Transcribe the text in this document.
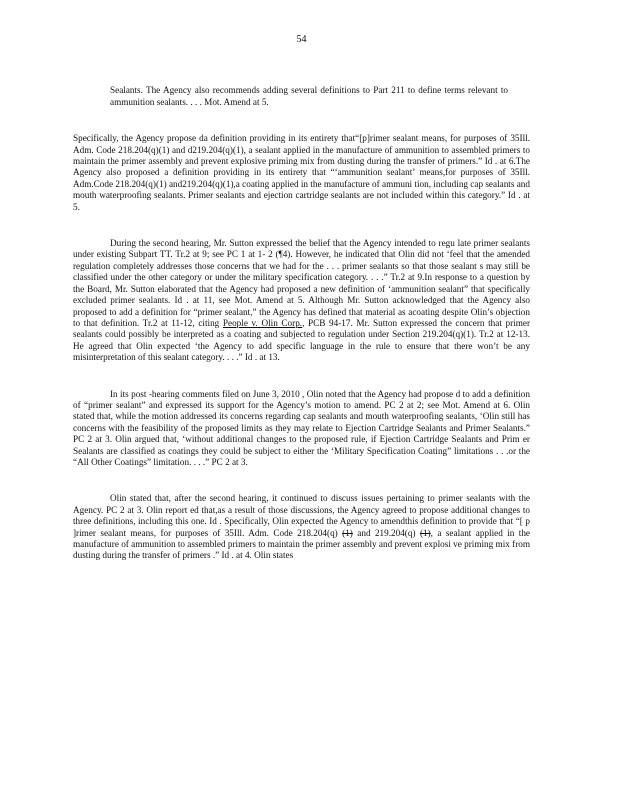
54
Sealants. The Agency also recommends adding several definitions to Part 211 to define terms relevant to ammunition sealants. . . . Mot. Amend at 5.

Specifically, the Agency propose da definition providing in its entirety that“[p]rimer sealant means, for purposes of 35Ill. Adm. Code 218.204(q)(1) and d219.204(q)(1), a sealant applied in the manufacture of ammunition to assembled primers to maintain the primer assembly and prevent explosive priming mix from dusting during the transfer of primers.” Id . at 6.The Agency also proposed a definition providing in its entirety that “‘ammunition sealant’ means,for purposes of 35Ill. Adm.Code 218.204(q)(1) and219.204(q)(1),a coating applied in the manufacture of ammuni tion, including cap sealants and mouth waterproofing sealants. Primer sealants and ejection cartridge sealants are not included within this category.” Id . at 5.

During the second hearing, Mr. Sutton expressed the belief that the Agency intended to regu late primer sealants under existing Subpart TT. Tr.2 at 9; see PC 1 at 1- 2 (¶4). However, he indicated that Olin did not ‘feel that the amended regulation completely addresses those concerns that we had for the . . . primer sealants so that those sealant s may still be classified under the other category or under the military specification category. . . .” Tr.2 at 9.In response to a question by the Board, Mr. Sutton elaborated that the Agency had proposed a new definition of ‘ammunition sealant” that specifically excluded primer sealants. Id . at 11, see Mot. Amend at 5. Although Mr. Sutton acknowledged that the Agency also proposed to add a definition for “primer sealant,” the Agency has defined that material as acoating despite Olin’s objection to that definition. Tr.2 at 11-12, citing People v. Olin Corp., PCB 94-17. Mr. Sutton expressed the concern that primer sealants could possibly be interpreted as a coating and subjected to regulation under Section 219.204(q)(1). Tr.2 at 12-13. He agreed that Olin expected ‘the Agency to add specific language in the rule to ensure that there won’t be any misinterpretation of this sealant category. . . .” Id . at 13.

In its post -hearing comments filed on June 3, 2010 , Olin noted that the Agency had propose d to add a definition of “primer sealant” and expressed its support for the Agency’s motion to amend. PC 2 at 2; see Mot. Amend at 6. Olin stated that, while the motion addressed its concerns regarding cap sealants and mouth waterproofing sealants, ‘Olin still has concerns with the feasibility of the proposed limits as they may relate to Ejection Cartridge Sealants and Primer Sealants.” PC 2 at 3. Olin argued that, ‘without additional changes to the proposed rule, if Ejection Cartridge Sealants and Prim er Sealants are classified as coatings they could be subject to either the ‘Military Specification Coating” limitations . . .or the “All Other Coatings” limitation. . . .” PC 2 at 3.

Olin stated that, after the second hearing, it continued to discuss issues pertaining to primer sealants with the Agency. PC 2 at 3. Olin report ed that,as a result of those discussions, the Agency agreed to propose additional changes to three definitions, including this one. Id . Specifically, Olin expected the Agency to amendthis definition to provide that “[ p ]rimer sealant means, for purposes of 35Ill. Adm. Code 218.204(q) (1) and 219.204(q) (1), a sealant applied in the manufacture of ammunition to assembled primers to maintain the primer assembly and prevent explosi ve priming mix from dusting during the transfer of primers .” Id . at 4. Olin states
